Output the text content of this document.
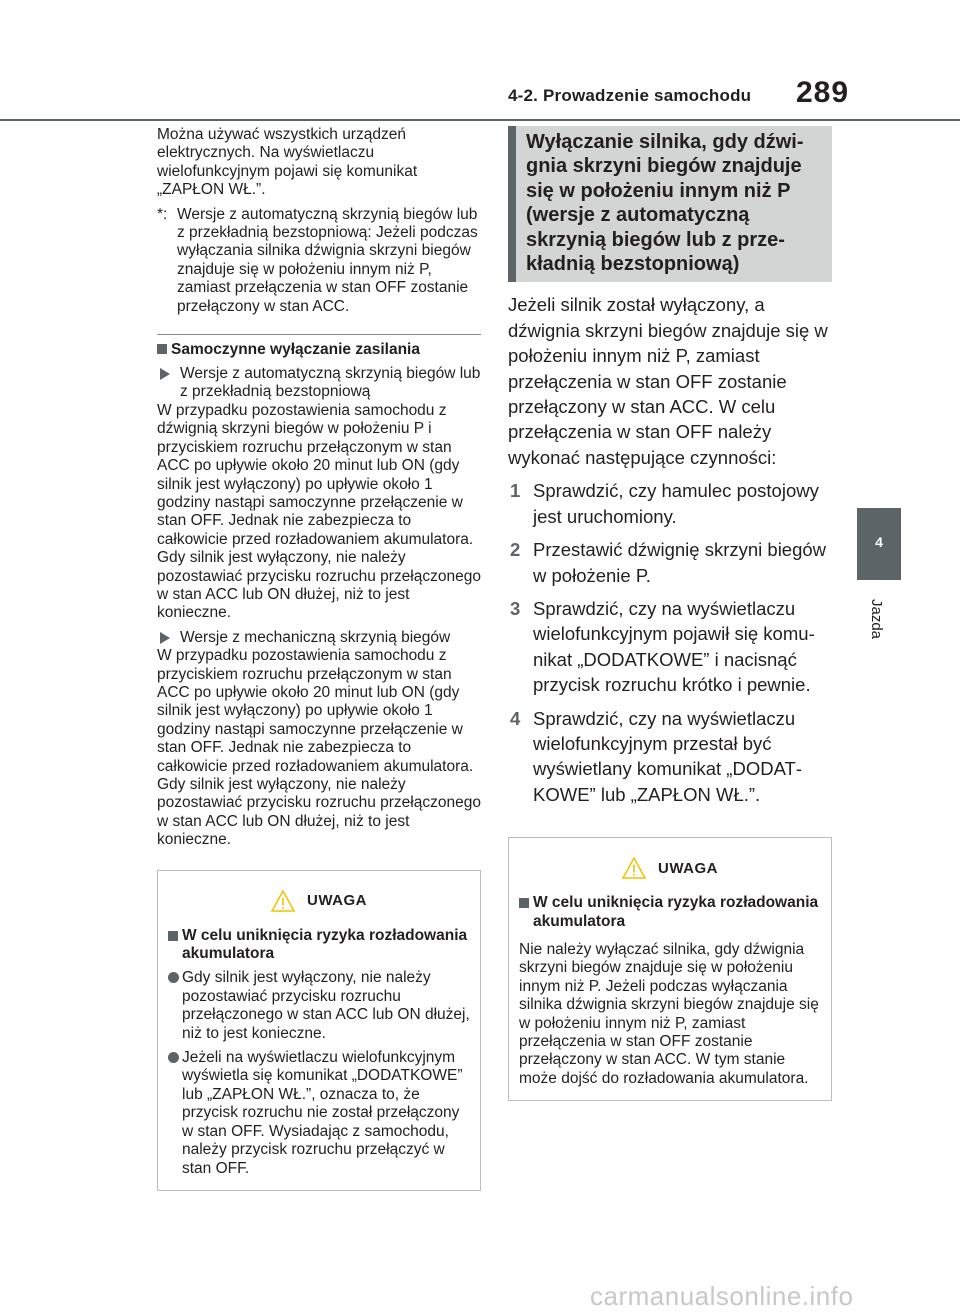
4-2. Prowadzenie samochodu 289
4
Jazda

Można używać wszystkich urządzeń elektrycznych. Na wyświetlaczu wielofunkcyjnym pojawi się komunikat „ZAPŁON WŁ.”.

*: Wersje z automatyczną skrzynią biegów lub z przekładnią bezstopniową: Jeżeli podczas wyłączania silnika dźwignia skrzyni biegów znajduje się w położeniu innym niż P, zamiast przełączenia w stan OFF zostanie przełączony w stan ACC.
Samoczynne wyłączanie zasilania
Wersje z automatyczną skrzynią biegów lub z przekładnią bezstopniową

W przypadku pozostawienia samochodu z dźwignią skrzyni biegów w położeniu P i przyciskiem rozruchu przełączonym w stan ACC po upływie około 20 minut lub ON (gdy silnik jest wyłączony) po upływie około 1 godziny nastąpi samoczynne przełączenie w stan OFF. Jednak nie zabezpiecza to całkowicie przed rozładowaniem akumulatora. Gdy silnik jest wyłączony, nie należy pozostawiać przycisku rozruchu przełączonego w stan ACC lub ON dłużej, niż to jest konieczne.

Wersje z mechaniczną skrzynią biegów

W przypadku pozostawienia samochodu z przyciskiem rozruchu przełączonym w stan ACC po upływie około 20 minut lub ON (gdy silnik jest wyłączony) po upływie około 1 godziny nastąpi samoczynne przełączenie w stan OFF. Jednak nie zabezpiecza to całkowicie przed rozładowaniem akumulatora. Gdy silnik jest wyłączony, nie należy pozostawiać przycisku rozruchu przełączonego w stan ACC lub ON dłużej, niż to jest konieczne.

UWAGA
W celu uniknięcia ryzyka rozładowania akumulatora
Gdy silnik jest wyłączony, nie należy pozostawiać przycisku rozruchu przełączonego w stan ACC lub ON dłużej, niż to jest konieczne.
Jeżeli na wyświetlaczu wielofunkcyjnym wyświetla się komunikat „DODATKOWE” lub „ZAPŁON WŁ.”, oznacza to, że przycisk rozruchu nie został przełączony w stan OFF. Wysiadając z samochodu, należy przycisk rozruchu przełączyć w stan OFF.
Wyłączanie silnika, gdy dźwignia skrzyni biegów znajduje się w położeniu innym niż P (wersje z automatyczną skrzynią biegów lub z przekładnią bezstopniową)

Jeżeli silnik został wyłączony, a dźwignia skrzyni biegów znajduje się w położeniu innym niż P, zamiast przełączenia w stan OFF zostanie przełączony w stan ACC. W celu przełączenia w stan OFF należy wykonać następujące czynności:

1 Sprawdzić, czy hamulec postojowy jest uruchomiony.
2 Przestawić dźwignię skrzyni biegów w położenie P.
3 Sprawdzić, czy na wyświetlaczu wielofunkcyjnym pojawił się komunikat „DODATKOWE” i nacisnąć przycisk rozruchu krótko i pewnie.
4 Sprawdzić, czy na wyświetlaczu wielofunkcyjnym przestał być wyświetlany komunikat „DODATKOWE” lub „ZAPŁON WŁ.”.
UWAGA
W celu uniknięcia ryzyka rozładowania akumulatora

Nie należy wyłączać silnika, gdy dźwignia skrzyni biegów znajduje się w położeniu innym niż P. Jeżeli podczas wyłączania silnika dźwignia skrzyni biegów znajduje się w położeniu innym niż P, zamiast przełączenia w stan OFF zostanie przełączony w stan ACC. W tym stanie może dojść do rozładowania akumulatora.

carmanualsonline.info
